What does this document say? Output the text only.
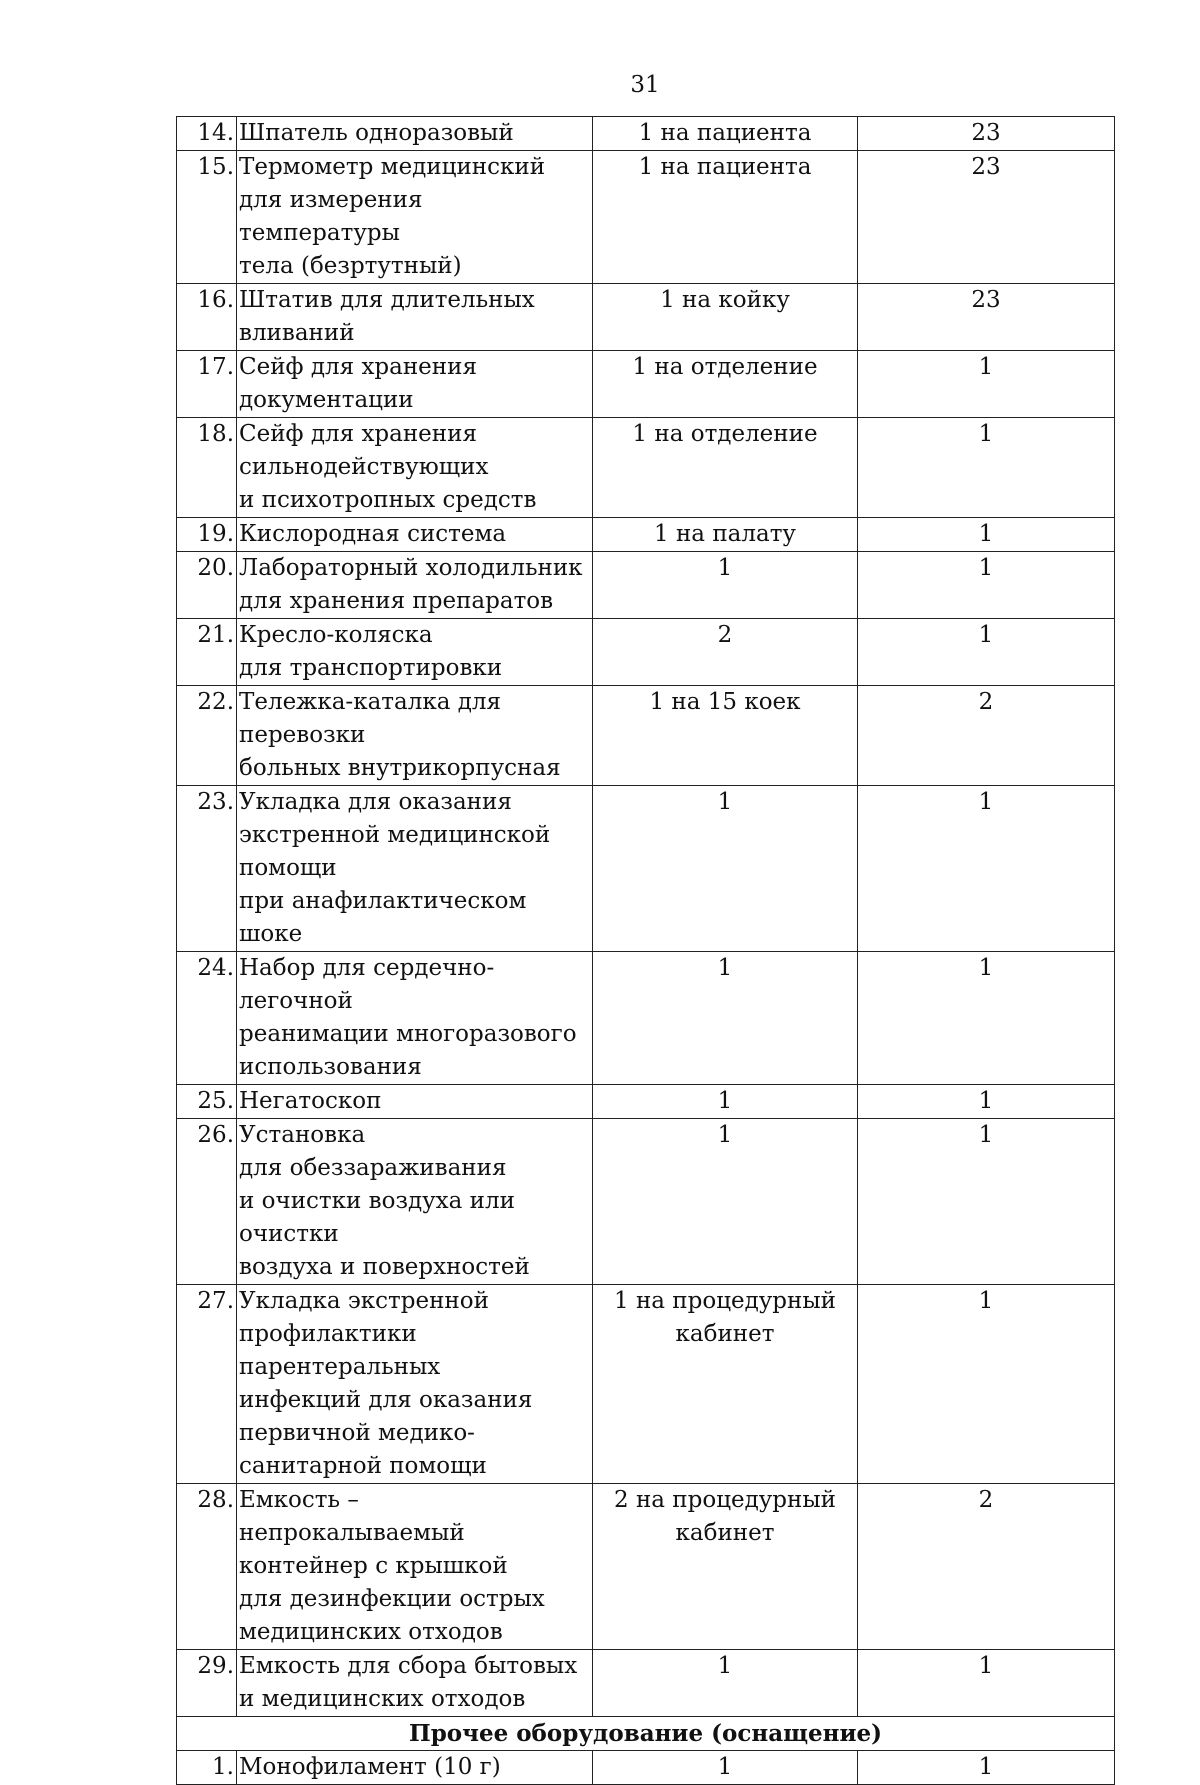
31
14.	Шпатель одноразовый	1 на пациента	23
15.	Термометр медицинский
для измерения температуры
тела (безртутный)	1 на пациента	23
16.	Штатив для длительных
вливаний	1 на койку	23
17.	Сейф для хранения
документации	1 на отделение	1
18.	Сейф для хранения
сильнодействующих
и психотропных средств	1 на отделение	1
19.	Кислородная система	1 на палату	1
20.	Лабораторный холодильник
для хранения препаратов	1	1
21.	Кресло-коляска
для транспортировки	2	1
22.	Тележка-каталка для перевозки
больных внутрикорпусная	1 на 15 коек	2
23.	Укладка для оказания
экстренной медицинской
помощи
при анафилактическом шоке	1	1
24.	Набор для сердечно-легочной
реанимации многоразового
использования	1	1
25.	Негатоскоп	1	1
26.	Установка
для обеззараживания
и очистки воздуха или очистки
воздуха и поверхностей	1	1
27.	Укладка экстренной
профилактики парентеральных
инфекций для оказания
первичной медико-
санитарной помощи	1 на процедурный
кабинет	1
28.	Емкость – непрокалываемый
контейнер с крышкой
для дезинфекции острых
медицинских отходов	2 на процедурный
кабинет	2
29.	Емкость для сбора бытовых
и медицинских отходов	1	1
Прочее оборудование (оснащение)			
1.	Монофиламент (10 г)	1	1
